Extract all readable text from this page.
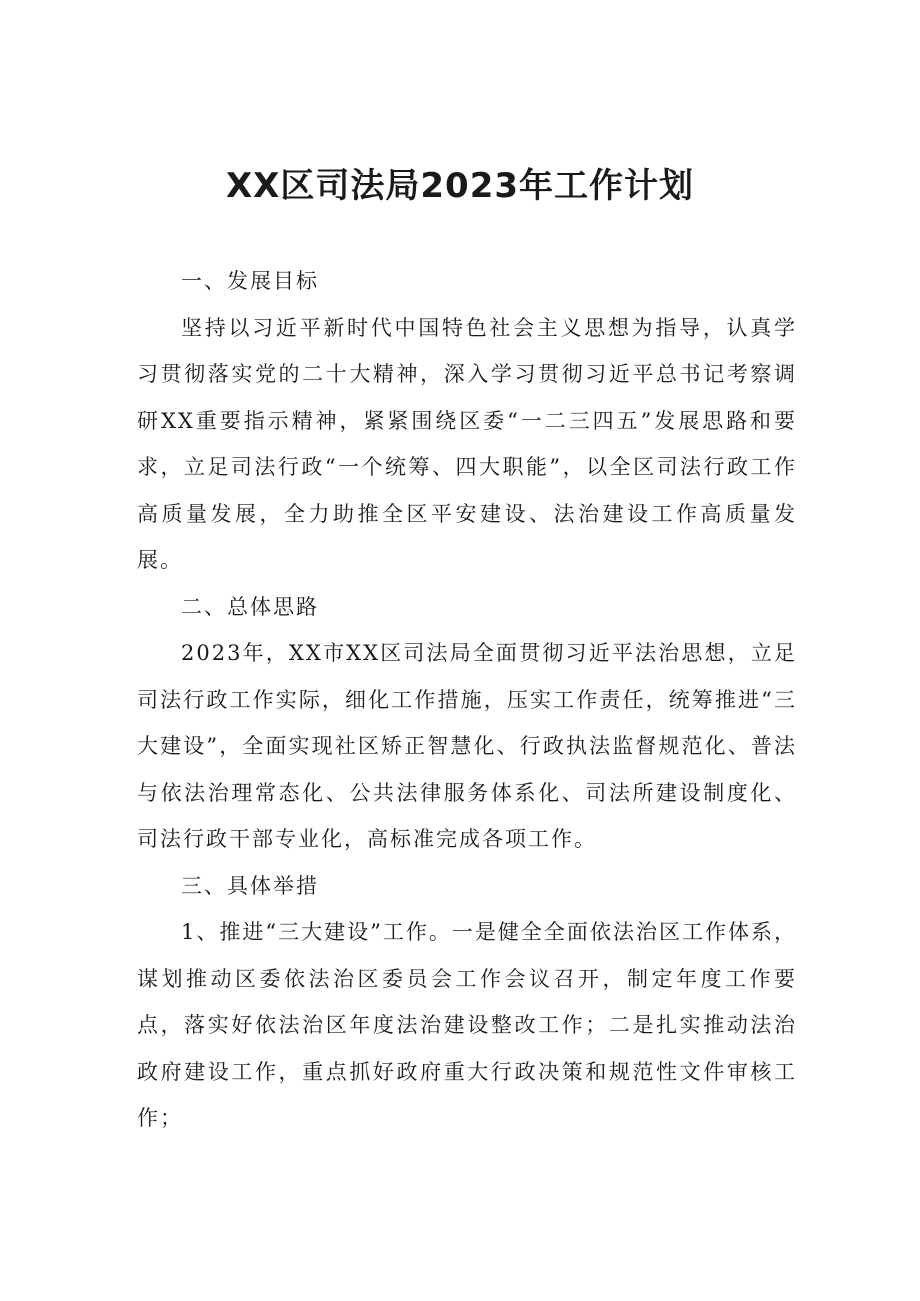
XX区司法局2023年工作计划

一、发展目标

坚持以习近平新时代中国特色社会主义思想为指导，认真学习贯彻落实党的二十大精神，深入学习贯彻习近平总书记考察调研XX重要指示精神，紧紧围绕区委“一二三四五”发展思路和要求，立足司法行政“一个统筹、四大职能”，以全区司法行政工作高质量发展，全力助推全区平安建设、法治建设工作高质量发展。

二、总体思路

2023年，XX市XX区司法局全面贯彻习近平法治思想，立足司法行政工作实际，细化工作措施，压实工作责任，统筹推进“三大建设”，全面实现社区矫正智慧化、行政执法监督规范化、普法与依法治理常态化、公共法律服务体系化、司法所建设制度化、司法行政干部专业化，高标准完成各项工作。

三、具体举措

1、推进“三大建设”工作。一是健全全面依法治区工作体系，谋划推动区委依法治区委员会工作会议召开，制定年度工作要点，落实好依法治区年度法治建设整改工作；二是扎实推动法治政府建设工作，重点抓好政府重大行政决策和规范性文件审核工作；
